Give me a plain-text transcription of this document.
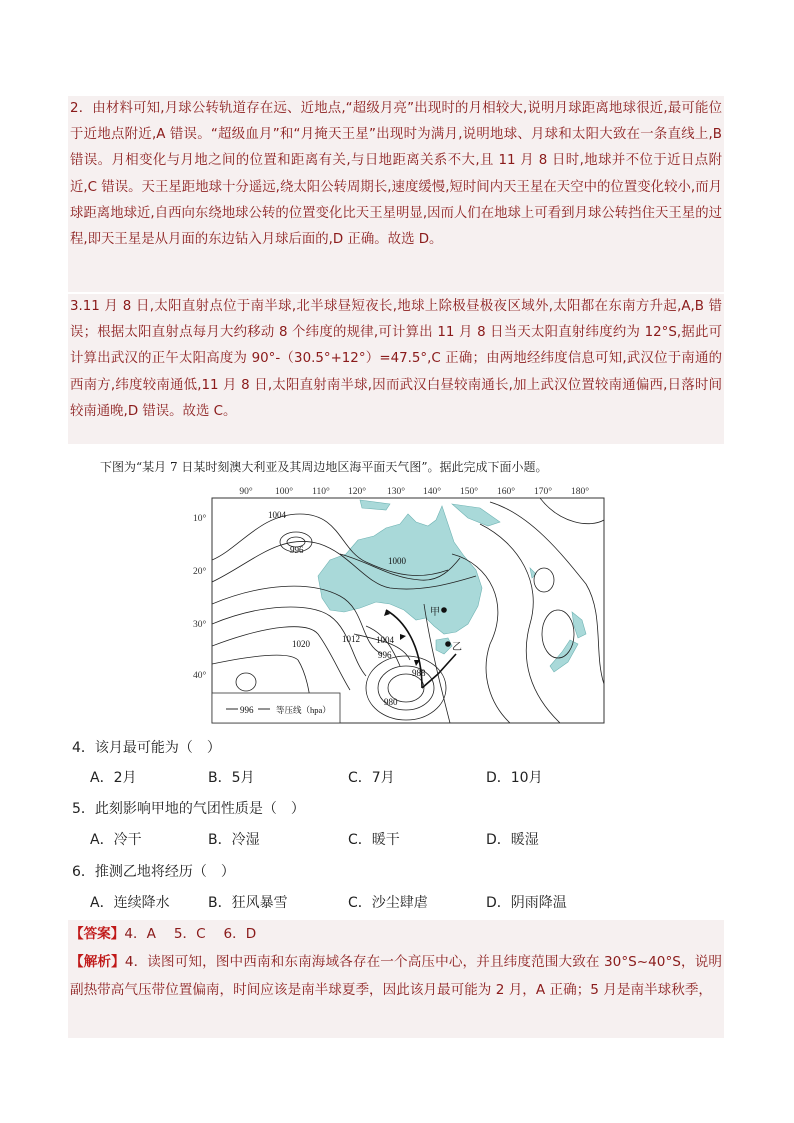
2．由材料可知,月球公转轨道存在远、近地点,“超级月亮”出现时的月相较大,说明月球距离地球很近,最可能位于近地点附近,A 错误。“超级血月”和“月掩天王星”出现时为满月,说明地球、月球和太阳大致在一条直线上,B 错误。月相变化与月地之间的位置和距离有关,与日地距离关系不大,且 11 月 8 日时,地球并不位于近日点附近,C 错误。天王星距地球十分遥远,绕太阳公转周期长,速度缓慢,短时间内天王星在天空中的位置变化较小,而月球距离地球近,自西向东绕地球公转的位置变化比天王星明显,因而人们在地球上可看到月球公转挡住天王星的过程,即天王星是从月面的东边钻入月球后面的,D 正确。故选 D。

3.11 月 8 日,太阳直射点位于南半球,北半球昼短夜长,地球上除极昼极夜区域外,太阳都在东南方升起,A,B 错误；根据太阳直射点每月大约移动 8 个纬度的规律,可计算出 11 月 8 日当天太阳直射纬度约为 12°S,据此可计算出武汉的正午太阳高度为 90°-（30.5°+12°）=47.5°,C 正确；由两地经纬度信息可知,武汉位于南通的西南方,纬度较南通低,11 月 8 日,太阳直射南半球,因而武汉白昼较南通长,加上武汉位置较南通偏西,日落时间较南通晚,D 错误。故选 C。

下图为“某月 7 日某时刻澳大利亚及其周边地区海平面天气图”。据此完成下面小题。
90° 100° 110° 120° 130° 140° 150° 160° 170° 180°
10°
20°
30°
40°
1004
996
1000
1020	1012 1004
996
988
980
甲
乙
996	等压线（hpa）
4．该月最可能为（　）
A．2月	B．5月	C．7月	D．10月
5．此刻影响甲地的气团性质是（　）
A．冷干	B．冷湿	C．暖干	D．暖湿
6．推测乙地将经历（　）
A．连续降水	B．狂风暴雪	C．沙尘肆虐	D．阴雨降温

【答案】4．A　 5．C　 6．D

【解析】4．读图可知，图中西南和东南海域各存在一个高压中心，并且纬度范围大致在 30°S~40°S，说明副热带高气压带位置偏南，时间应该是南半球夏季，因此该月最可能为 2 月，A 正确；5 月是南半球秋季，
